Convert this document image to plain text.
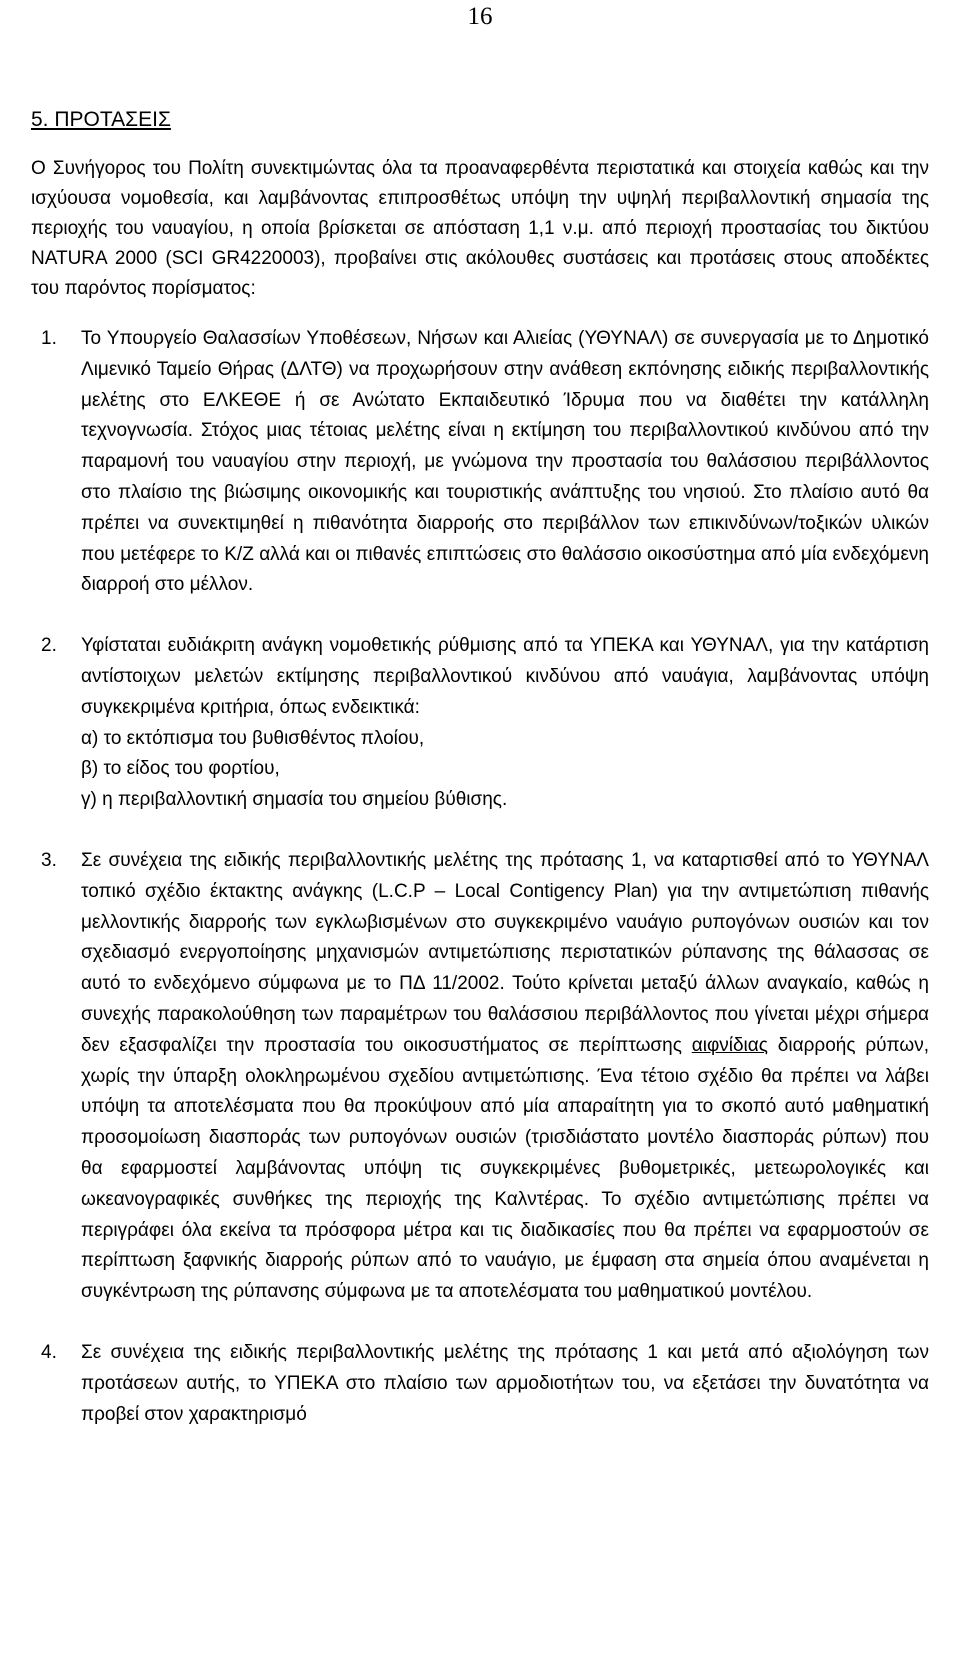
16
5. ΠΡΟΤΑΣΕΙΣ

Ο Συνήγορος του Πολίτη συνεκτιμώντας όλα τα προαναφερθέντα περιστατικά και στοιχεία καθώς και την ισχύουσα νομοθεσία, και λαμβάνοντας επιπροσθέτως υπόψη την υψηλή περιβαλλοντική σημασία της περιοχής του ναυαγίου, η οποία βρίσκεται σε απόσταση 1,1 ν.μ. από περιοχή προστασίας του δικτύου NATURA 2000 (SCI GR4220003), προβαίνει στις ακόλουθες συστάσεις και προτάσεις στους αποδέκτες του παρόντος πορίσματος:

1. Το Υπουργείο Θαλασσίων Υποθέσεων, Νήσων και Αλιείας (ΥΘΥΝΑΛ) σε συνεργασία με το Δημοτικό Λιμενικό Ταμείο Θήρας (ΔΛΤΘ) να προχωρήσουν στην ανάθεση εκπόνησης ειδικής περιβαλλοντικής μελέτης στο ΕΛΚΕΘΕ ή σε Ανώτατο Εκπαιδευτικό Ίδρυμα που να διαθέτει την κατάλληλη τεχνογνωσία. Στόχος μιας τέτοιας μελέτης είναι η εκτίμηση του περιβαλλοντικού κινδύνου από την παραμονή του ναυαγίου στην περιοχή, με γνώμονα την προστασία του θαλάσσιου περιβάλλοντος στο πλαίσιο της βιώσιμης οικονομικής και τουριστικής ανάπτυξης του νησιού. Στο πλαίσιο αυτό θα πρέπει να συνεκτιμηθεί η πιθανότητα διαρροής στο περιβάλλον των επικινδύνων/τοξικών υλικών που μετέφερε το Κ/Ζ αλλά και οι πιθανές επιπτώσεις στο θαλάσσιο οικοσύστημα από μία ενδεχόμενη διαρροή στο μέλλον.

2. Υφίσταται ευδιάκριτη ανάγκη νομοθετικής ρύθμισης από τα ΥΠΕΚΑ και ΥΘΥΝΑΛ, για την κατάρτιση αντίστοιχων μελετών εκτίμησης περιβαλλοντικού κινδύνου από ναυάγια, λαμβάνοντας υπόψη συγκεκριμένα κριτήρια, όπως ενδεικτικά:

α) το εκτόπισμα του βυθισθέντος πλοίου,
β) το είδος του φορτίου,
γ) η περιβαλλοντική σημασία του σημείου βύθισης.
3. Σε συνέχεια της ειδικής περιβαλλοντικής μελέτης της πρότασης 1, να καταρτισθεί από το ΥΘΥΝΑΛ τοπικό σχέδιο έκτακτης ανάγκης (L.C.P – Local Contigency Plan) για την αντιμετώπιση πιθανής μελλοντικής διαρροής των εγκλωβισμένων στο συγκεκριμένο ναυάγιο ρυπογόνων ουσιών και τον σχεδιασμό ενεργοποίησης μηχανισμών αντιμετώπισης περιστατικών ρύπανσης της θάλασσας σε αυτό το ενδεχόμενο σύμφωνα με το ΠΔ 11/2002. Τούτο κρίνεται μεταξύ άλλων αναγκαίο, καθώς η συνεχής παρακολούθηση των παραμέτρων του θαλάσσιου περιβάλλοντος που γίνεται μέχρι σήμερα δεν εξασφαλίζει την προστασία του οικοσυστήματος σε περίπτωσης αιφνίδιας διαρροής ρύπων, χωρίς την ύπαρξη ολοκληρωμένου σχεδίου αντιμετώπισης. Ένα τέτοιο σχέδιο θα πρέπει να λάβει υπόψη τα αποτελέσματα που θα προκύψουν από μία απαραίτητη για το σκοπό αυτό μαθηματική προσομοίωση διασποράς των ρυπογόνων ουσιών (τρισδιάστατο μοντέλο διασποράς ρύπων) που θα εφαρμοστεί λαμβάνοντας υπόψη τις συγκεκριμένες βυθομετρικές, μετεωρολογικές και ωκεανογραφικές συνθήκες της περιοχής της Καλντέρας. Το σχέδιο αντιμετώπισης πρέπει να περιγράφει όλα εκείνα τα πρόσφορα μέτρα και τις διαδικασίες που θα πρέπει να εφαρμοστούν σε περίπτωση ξαφνικής διαρροής ρύπων από το ναυάγιο, με έμφαση στα σημεία όπου αναμένεται η συγκέντρωση της ρύπανσης σύμφωνα με τα αποτελέσματα του μαθηματικού μοντέλου.

4. Σε συνέχεια της ειδικής περιβαλλοντικής μελέτης της πρότασης 1 και μετά από αξιολόγηση των προτάσεων αυτής, το ΥΠΕΚΑ στο πλαίσιο των αρμοδιοτήτων του, να εξετάσει την δυνατότητα να προβεί στον χαρακτηρισμό
